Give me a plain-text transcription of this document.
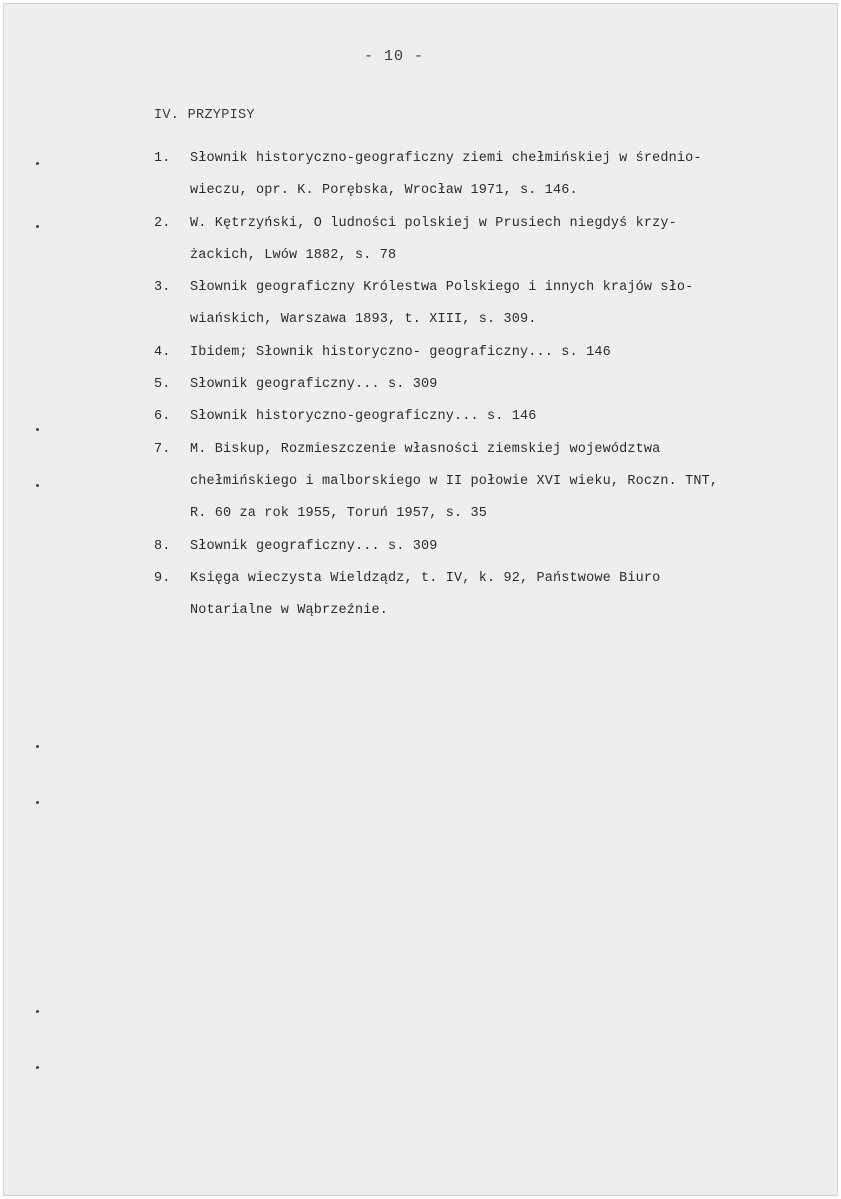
- 10 -
IV. PRZYPISY
1.	Słownik historyczno-geograficzny ziemi chełmińskiej w średnio-
wieczu, opr. K. Porębska, Wrocław 1971, s. 146.
2.	W. Kętrzyński, O ludności polskiej w Prusiech niegdyś krzy-
żackich, Lwów 1882, s. 78
3.	Słownik geograficzny Królestwa Polskiego i innych krajów sło-
wiańskich, Warszawa 1893, t. XIII, s. 309.
4.	Ibidem; Słownik historyczno- geograficzny... s. 146
5.	Słownik geograficzny... s. 309
6.	Słownik historyczno-geograficzny... s. 146
7.	M. Biskup, Rozmieszczenie własności ziemskiej województwa
chełmińskiego i malborskiego w II połowie XVI wieku, Roczn. TNT,
R. 60 za rok 1955, Toruń 1957, s. 35
8.	Słownik geograficzny... s. 309
9.	Księga wieczysta Wieldządz, t. IV, k. 92, Państwowe Biuro
Notarialne w Wąbrzeźnie.
